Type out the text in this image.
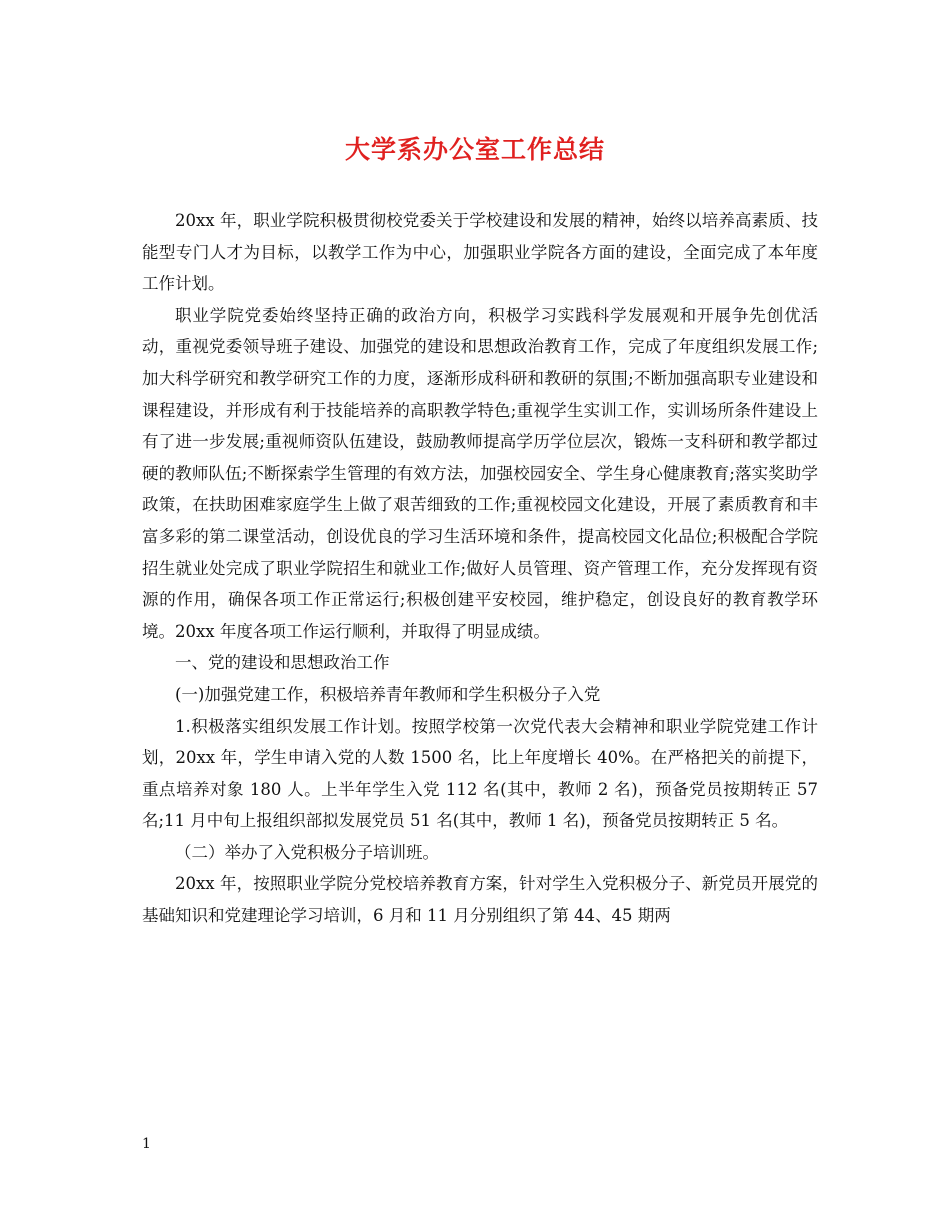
大学系办公室工作总结

20xx 年，职业学院积极贯彻校党委关于学校建设和发展的精神，始终以培养高素质、技能型专门人才为目标，以教学工作为中心，加强职业学院各方面的建设，全面完成了本年度工作计划。

职业学院党委始终坚持正确的政治方向，积极学习实践科学发展观和开展争先创优活动，重视党委领导班子建设、加强党的建设和思想政治教育工作，完成了年度组织发展工作;加大科学研究和教学研究工作的力度，逐渐形成科研和教研的氛围;不断加强高职专业建设和课程建设，并形成有利于技能培养的高职教学特色;重视学生实训工作，实训场所条件建设上有了进一步发展;重视师资队伍建设，鼓励教师提高学历学位层次，锻炼一支科研和教学都过硬的教师队伍;不断探索学生管理的有效方法，加强校园安全、学生身心健康教育;落实奖助学政策，在扶助困难家庭学生上做了艰苦细致的工作;重视校园文化建设，开展了素质教育和丰富多彩的第二课堂活动，创设优良的学习生活环境和条件，提高校园文化品位;积极配合学院招生就业处完成了职业学院招生和就业工作;做好人员管理、资产管理工作，充分发挥现有资源的作用，确保各项工作正常运行;积极创建平安校园，维护稳定，创设良好的教育教学环境。20xx 年度各项工作运行顺利，并取得了明显成绩。

一、党的建设和思想政治工作

(一)加强党建工作，积极培养青年教师和学生积极分子入党

1.积极落实组织发展工作计划。按照学校第一次党代表大会精神和职业学院党建工作计划，20xx 年，学生申请入党的人数 1500 名，比上年度增长 40%。在严格把关的前提下，重点培养对象 180 人。上半年学生入党 112 名(其中，教师 2 名)，预备党员按期转正 57 名;11 月中旬上报组织部拟发展党员 51 名(其中，教师 1 名)，预备党员按期转正 5 名。

（二）举办了入党积极分子培训班。

20xx 年，按照职业学院分党校培养教育方案，针对学生入党积极分子、新党员开展党的基础知识和党建理论学习培训，6 月和 11 月分别组织了第 44、45 期两

1
